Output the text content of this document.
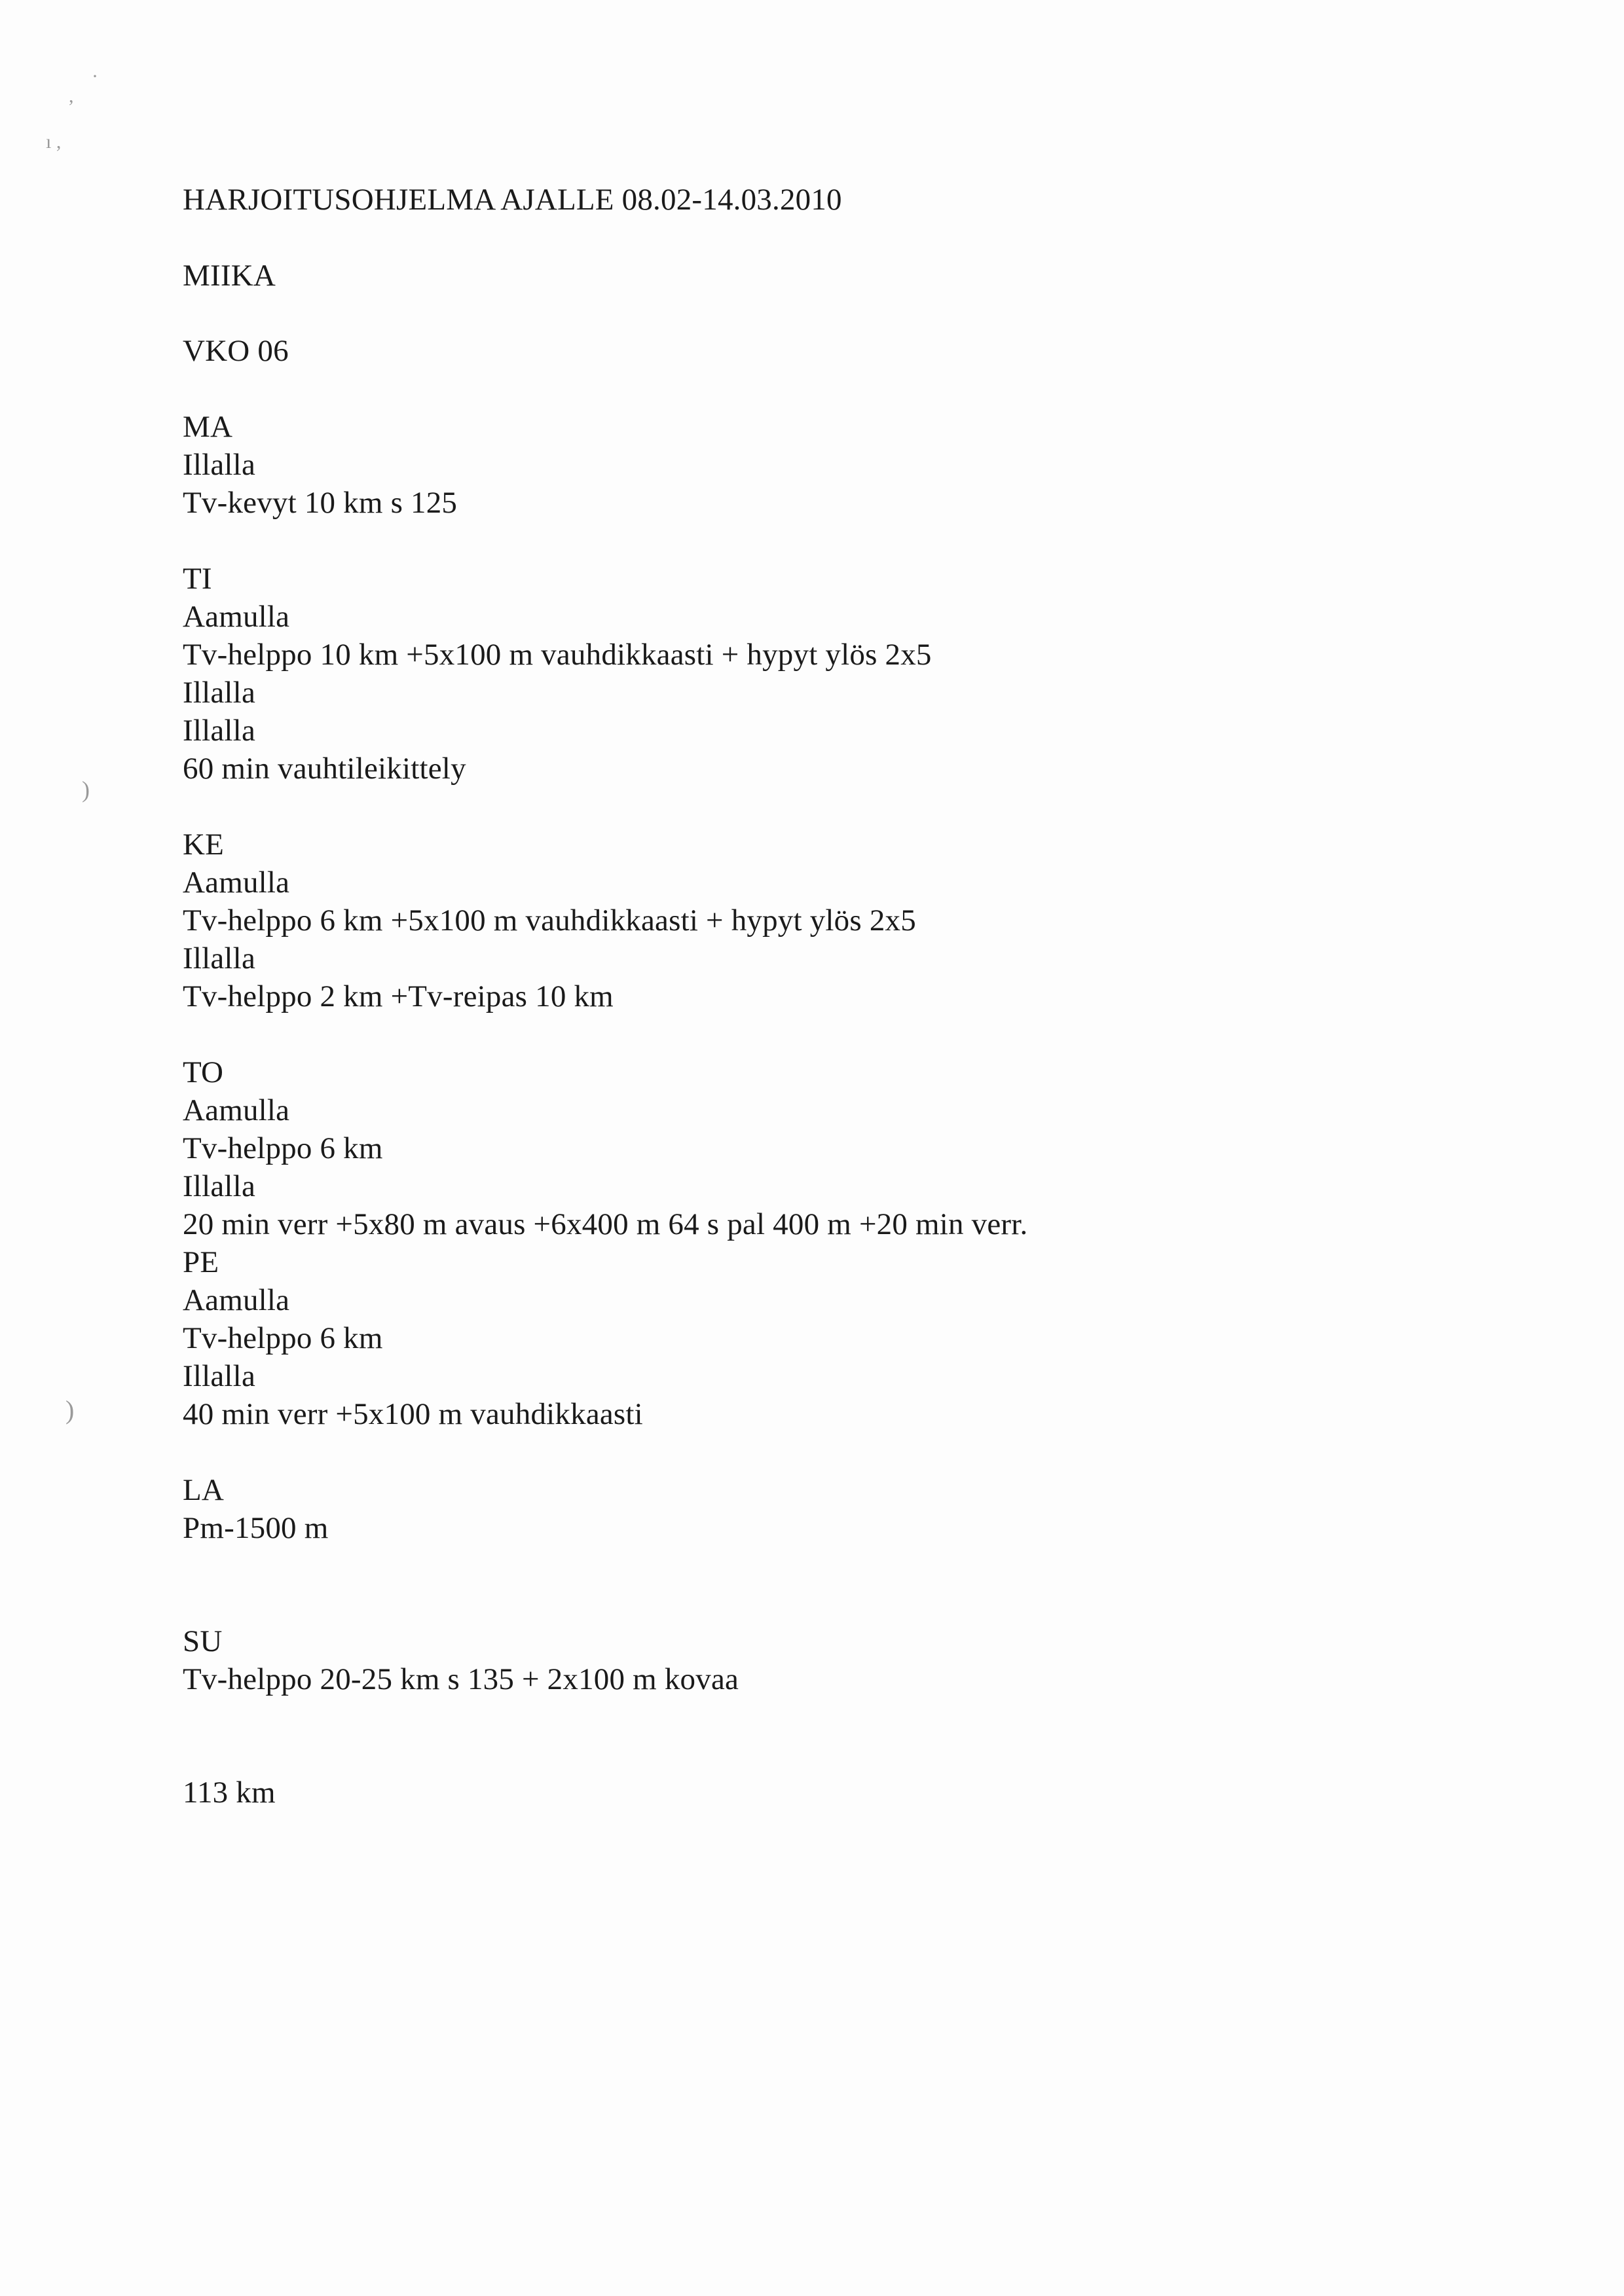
·
,
ı ,
)
)
HARJOITUSOHJELMA AJALLE 08.02-14.03.2010
MIIKA
VKO 06
MA
Illalla
Tv-kevyt 10 km s 125
TI
Aamulla
Tv-helppo 10 km +5x100 m vauhdikkaasti + hypyt ylös 2x5
Illalla
Illalla
60 min vauhtileikittely
KE
Aamulla
Tv-helppo 6 km +5x100 m vauhdikkaasti + hypyt ylös 2x5
Illalla
Tv-helppo 2 km +Tv-reipas 10 km
TO
Aamulla
Tv-helppo 6 km
Illalla
20 min verr +5x80 m avaus +6x400 m 64 s pal 400 m +20 min verr.
PE
Aamulla
Tv-helppo 6 km
Illalla
40 min verr +5x100 m vauhdikkaasti
LA
Pm-1500 m
SU
Tv-helppo 20-25 km s 135 + 2x100 m kovaa
113 km
